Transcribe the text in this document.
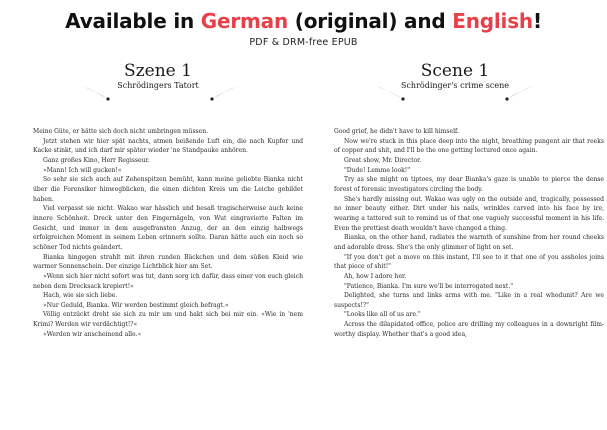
Available in German (original) and English!
PDF & DRM-free EPUB
Szene 1
Schrödingers Tatort
Scene 1
Schrödinger's crime scene

Meine Güte, er hätte sich doch nicht umbringen müssen.

Jetzt stehen wir hier spät nachts, atmen beißende Luft ein, die nach Kupfer und Kacke stinkt, und ich darf mir später wieder 'ne Standpauke anhören.

Ganz großes Kino, Herr Regisseur.

»Mann! Ich will gucken!«

So sehr sie sich auch auf Zehenspitzen bemüht, kann meine geliebte Bianka nicht über die Forensiker hinwegblicken, die einen dichten Kreis um die Leiche gebildet haben.

Viel verpasst sie nicht. Wakao war hässlich und besaß tragischerweise auch keine innere Schönheit. Dreck unter den Fingernägeln, von Wut eingravierte Falten im Gesicht, und immer in dem ausgefransten Anzug, der an den einzig halbwegs erfolgreichen Moment in seinem Leben erinnern sollte. Daran hätte auch ein noch so schöner Tod nichts geändert.

Bianka hingegen strahlt mit ihren runden Bäckchen und dem süßen Kleid wie warmer Sonnenschein. Der einzige Lichtblick hier am Set.

»Wenn sich hier nicht sofort was tut, dann sorg ich dafür, dass einer von euch gleich neben dem Drecksack krepiert!«

Hach, wie sie sich liebe.

»Nur Geduld, Bianka. Wir werden bestimmt gleich befragt.«

Völlig entzückt dreht sie sich zu mir um und hakt sich bei mir ein. »Wie in 'nem Krimi? Werden wir verdächtigt!?«

»Werden wir anscheinend alle.«

Good grief, he didn't have to kill himself.

Now we're stuck in this place deep into the night, breathing pungent air that reeks of copper and shit, and I'll be the one getting lectured once again.

Great show, Mr. Director.

"Dude! Lemme look!"

Try as she might on tiptoes, my dear Bianka's gaze is unable to pierce the dense forest of forensic investigators circling the body.

She's hardly missing out. Wakao was ugly on the outside and, tragically, possessed no inner beauty either. Dirt under his nails, wrinkles carved into his face by ire, wearing a tattered suit to remind us of that one vaguely successful moment in his life. Even the prettiest death wouldn't have changed a thing.

Bianka, on the other hand, radiates the warmth of sunshine from her round cheeks and adorable dress. She's the only glimmer of light on set.

"If you don't get a move on this instant, I'll see to it that one of you assholes joins that piece of shit!"

Ah, how I adore her.

"Patience, Bianka. I'm sure we'll be interrogated next."

Delighted, she turns and links arms with me. "Like in a real whodunit? Are we suspects!?"

"Looks like all of us are."

Across the dilapidated office, police are drilling my colleagues in a downright film-worthy display. Whether that's a good idea,
